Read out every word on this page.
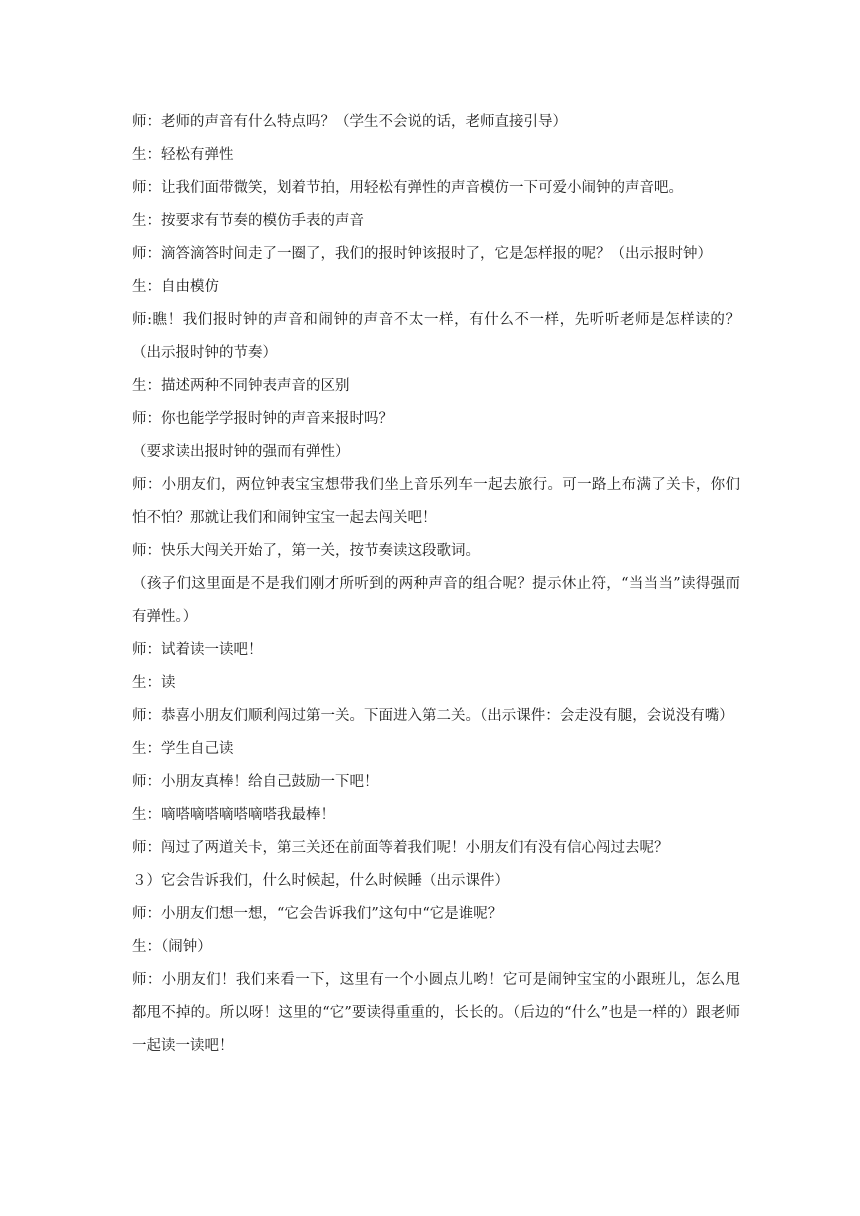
师：老师的声音有什么特点吗？（学生不会说的话，老师直接引导）

生：轻松有弹性

师：让我们面带微笑，划着节拍，用轻松有弹性的声音模仿一下可爱小闹钟的声音吧。

生：按要求有节奏的模仿手表的声音

师：滴答滴答时间走了一圈了，我们的报时钟该报时了，它是怎样报的呢？（出示报时钟）

生：自由模仿

师:瞧！我们报时钟的声音和闹钟的声音不太一样，有什么不一样，先听听老师是怎样读的？（出示报时钟的节奏）

生：描述两种不同钟表声音的区别

师：你也能学学报时钟的声音来报时吗？

（要求读出报时钟的强而有弹性）

师：小朋友们，两位钟表宝宝想带我们坐上音乐列车一起去旅行。可一路上布满了关卡，你们怕不怕？那就让我们和闹钟宝宝一起去闯关吧！

师：快乐大闯关开始了，第一关，按节奏读这段歌词。

（孩子们这里面是不是我们刚才所听到的两种声音的组合呢？提示休止符，“当当当”读得强而有弹性。）

师：试着读一读吧！

生：读

师：恭喜小朋友们顺利闯过第一关。下面进入第二关。（出示课件：会走没有腿，会说没有嘴）

生：学生自己读

师：小朋友真棒！给自己鼓励一下吧！

生：嘀嗒嘀嗒嘀嗒嘀嗒我最棒！

师：闯过了两道关卡，第三关还在前面等着我们呢！小朋友们有没有信心闯过去呢？

３）它会告诉我们，什么时候起，什么时候睡（出示课件）

师：小朋友们想一想，“它会告诉我们”这句中“它是谁呢？

生：（闹钟）

师：小朋友们！我们来看一下，这里有一个小圆点儿哟！它可是闹钟宝宝的小跟班儿，怎么甩都甩不掉的。所以呀！这里的“它”要读得重重的，长长的。（后边的“什么”也是一样的）跟老师一起读一读吧！
